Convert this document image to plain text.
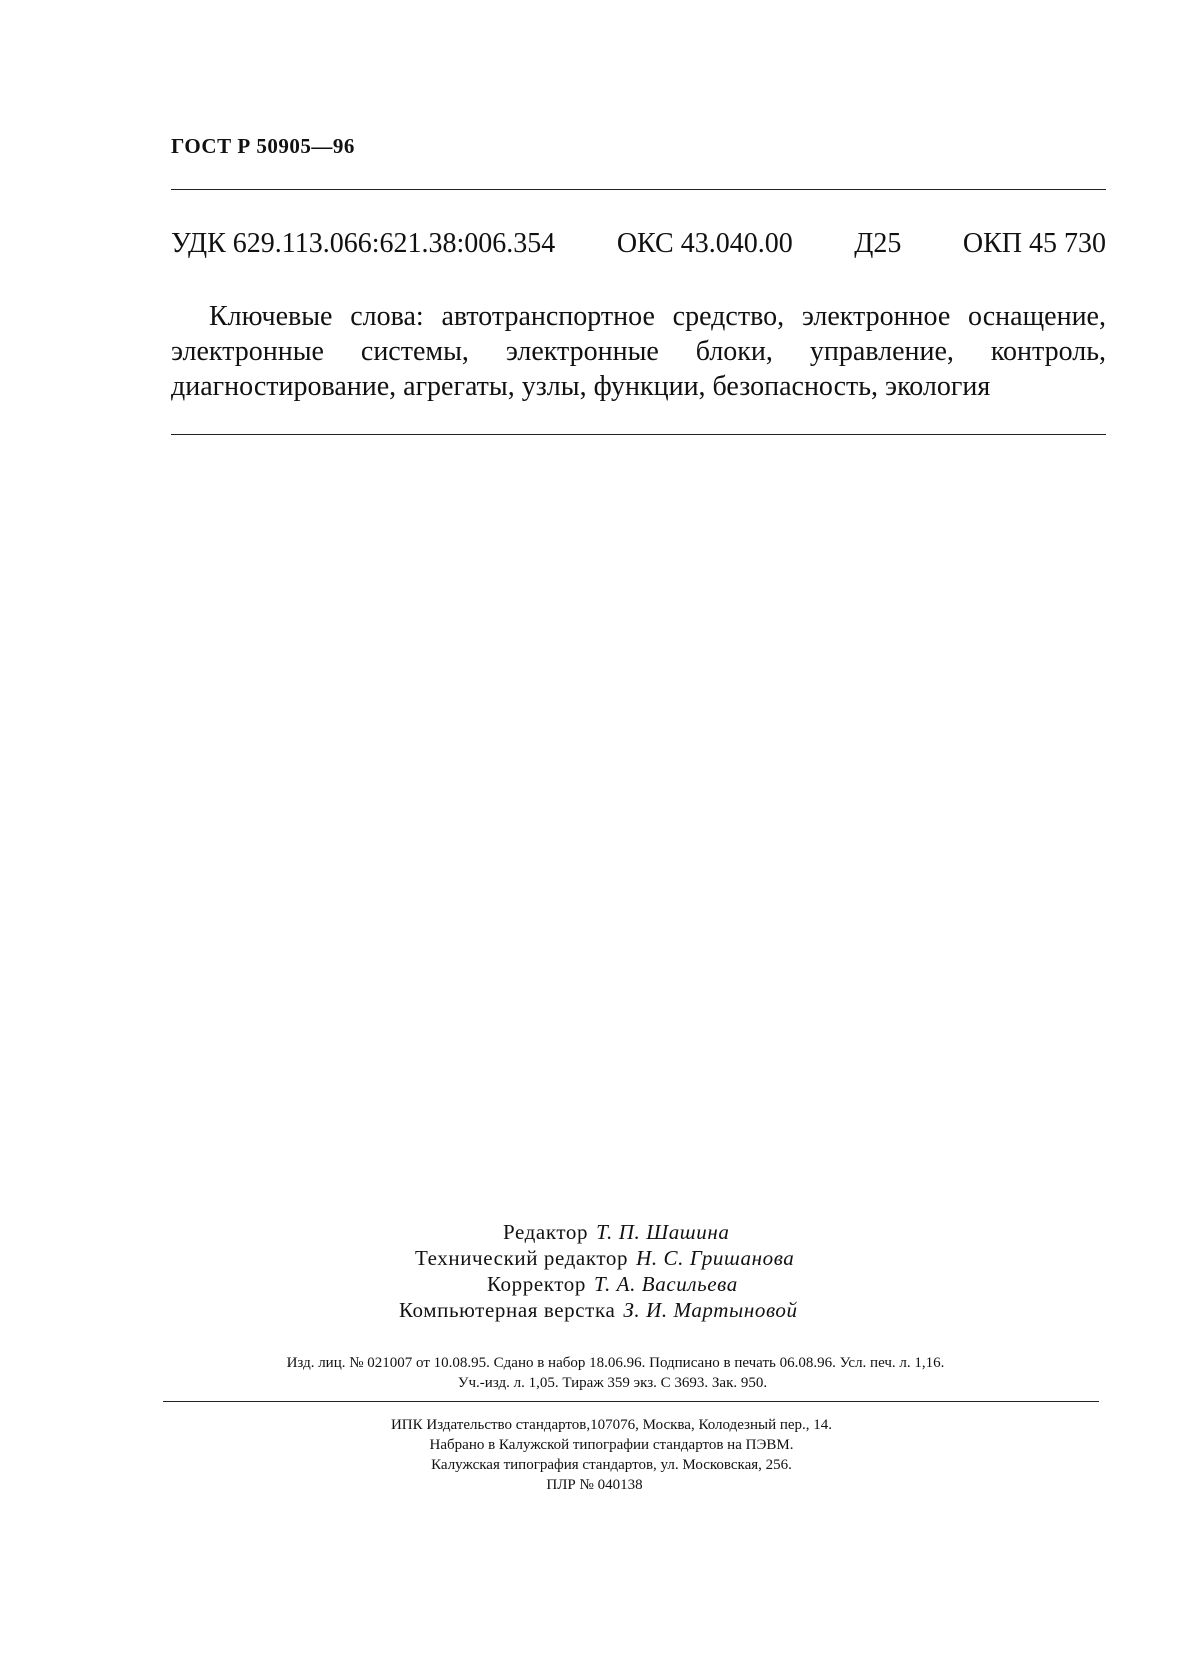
ГОСТ Р 50905—96
УДК 629.113.066:621.38:006.354 ОКС 43.040.00 Д25 ОКП 45 730
Ключевые слова: автотранспортное средство, электронное оснащение, электронные системы, электронные блоки, управление, контроль, диагностирование, агрегаты, узлы, функции, безопасность, экология
Редактор Т. П. Шашина
Технический редактор Н. С. Гришанова
Корректор Т. А. Васильева
Компьютерная верстка З. И. Мартыновой
Изд. лиц. № 021007 от 10.08.95. Сдано в набор 18.06.96. Подписано в печать 06.08.96. Усл. печ. л. 1,16.
Уч.-изд. л. 1,05. Тираж 359 экз. С 3693. Зак. 950.
ИПК Издательство стандартов,107076, Москва, Колодезный пер., 14.
Набрано в Калужской типографии стандартов на ПЭВМ.
Калужская типография стандартов, ул. Московская, 256.
ПЛР № 040138
